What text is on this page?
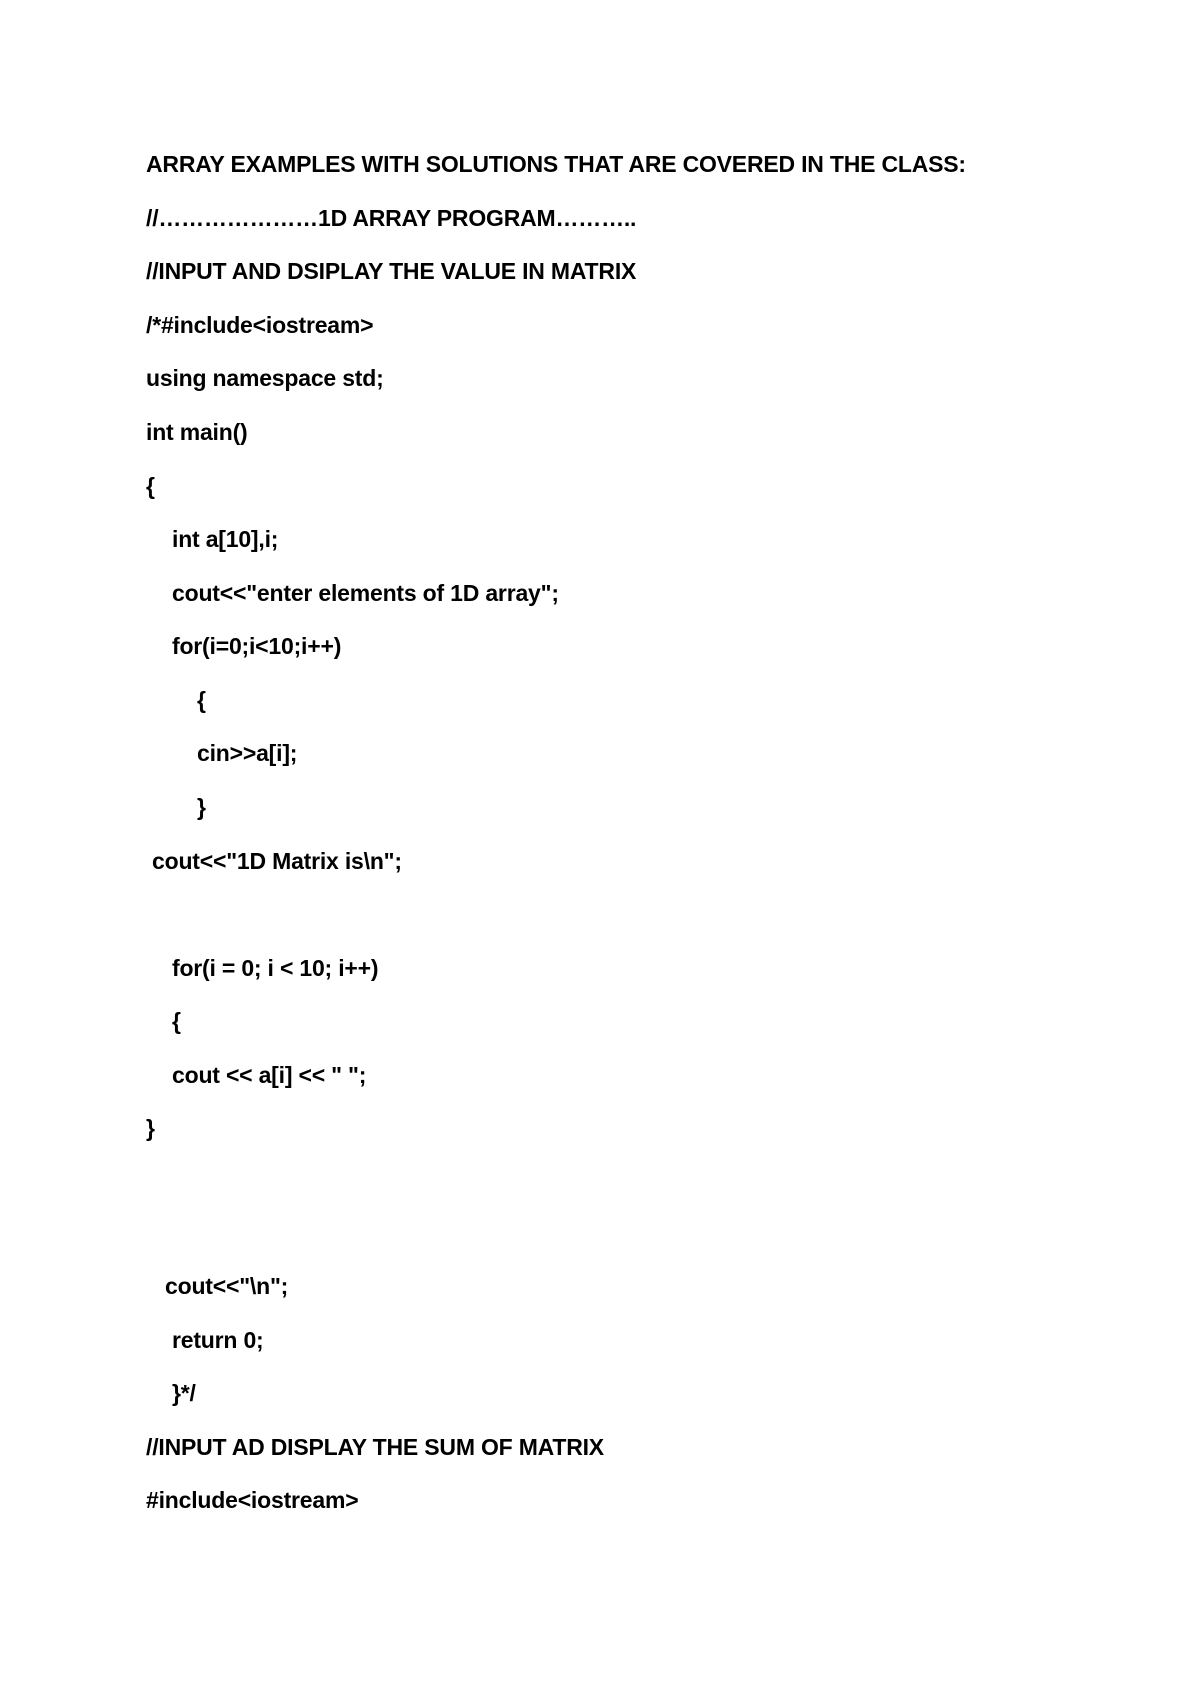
ARRAY EXAMPLES WITH SOLUTIONS THAT ARE COVERED IN THE CLASS:
//…………………1D ARRAY PROGRAM………..
//INPUT AND DSIPLAY THE VALUE IN MATRIX
/*#include<iostream>
using namespace std;
int main()
{
int a[10],i;
cout<<"enter elements of 1D array";
for(i=0;i<10;i++)
{
cin>>a[i];
}
cout<<"1D Matrix is\n";
for(i = 0; i < 10; i++)
{
cout << a[i] << " ";
}
cout<<"\n";
return 0;
}*/
//INPUT AD DISPLAY THE SUM OF MATRIX
#include<iostream>
